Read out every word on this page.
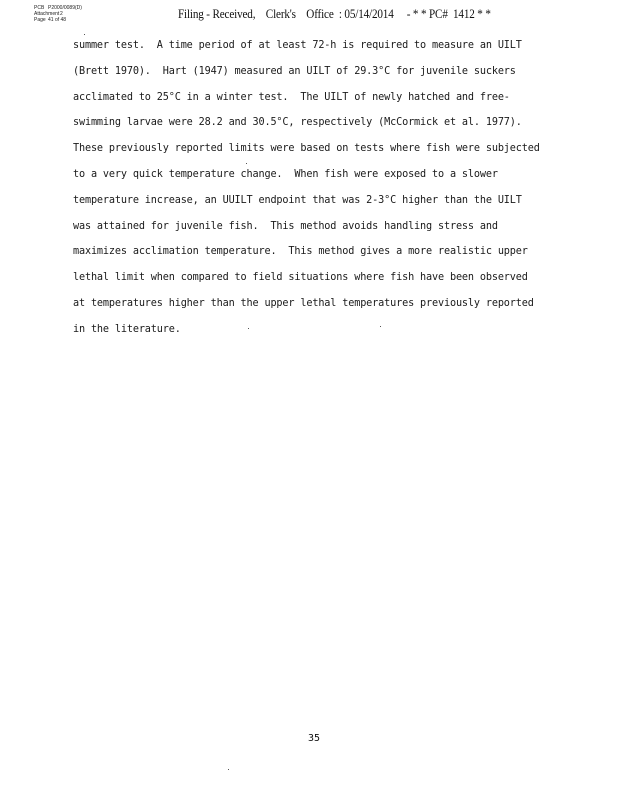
PCB P2000/0089(D)
Attachment 2
Page 41 of 48	Filing - Received,    Clerk's    Office  : 05/14/2014     - * * PC#  1412 * *
summer test.  A time period of at least 72-h is required to measure an UILT
(Brett 1970).  Hart (1947) measured an UILT of 29.3°C for juvenile suckers
acclimated to 25°C in a winter test.  The UILT of newly hatched and free-
swimming larvae were 28.2 and 30.5°C, respectively (McCormick et al. 1977).
These previously reported limits were based on tests where fish were subjected
to a very quick temperature change.  When fish were exposed to a slower
temperature increase, an UUILT endpoint that was 2-3°C higher than the UILT
was attained for juvenile fish.  This method avoids handling stress and
maximizes acclimation temperature.  This method gives a more realistic upper
lethal limit when compared to field situations where fish have been observed
at temperatures higher than the upper lethal temperatures previously reported
in the literature.
35
